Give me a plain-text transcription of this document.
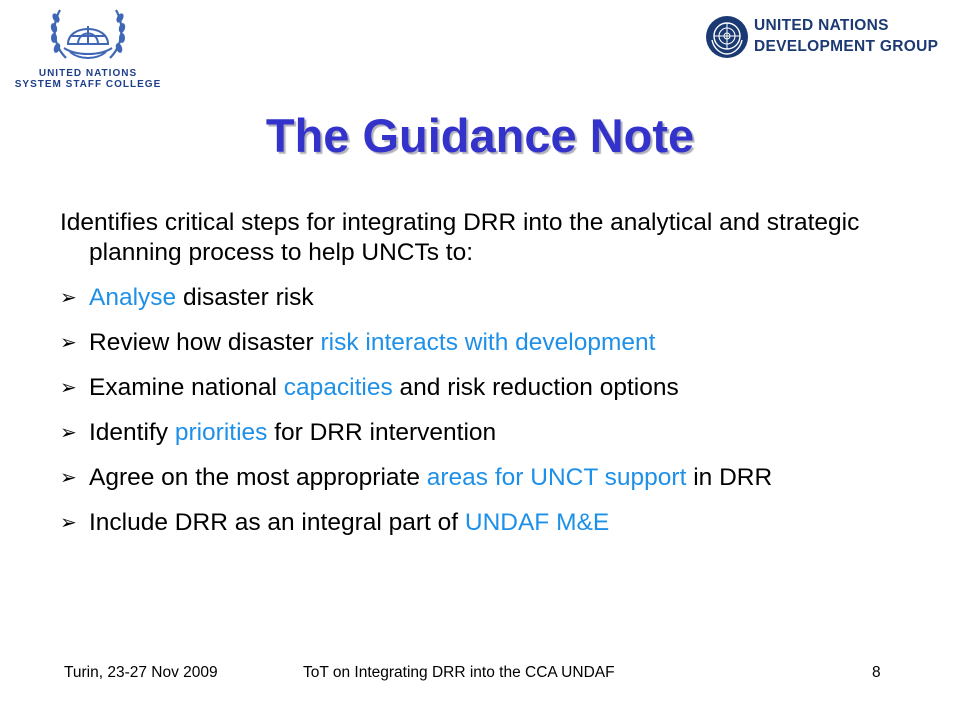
UNITED NATIONS
SYSTEM STAFF COLLEGE
UNITED NATIONS
DEVELOPMENT GROUP
The Guidance Note

Identifies critical steps for integrating DRR into the analytical and strategic planning process to help UNCTs to:

➢ Analyse disaster risk
➢ Review how disaster risk interacts with development
➢ Examine national capacities and risk reduction options
➢ Identify priorities for DRR intervention
➢ Agree on the most appropriate areas for UNCT support in DRR
➢ Include DRR as an integral part of UNDAF M&E
Turin, 23-27 Nov 2009	ToT on Integrating DRR into the CCA UNDAF	8
